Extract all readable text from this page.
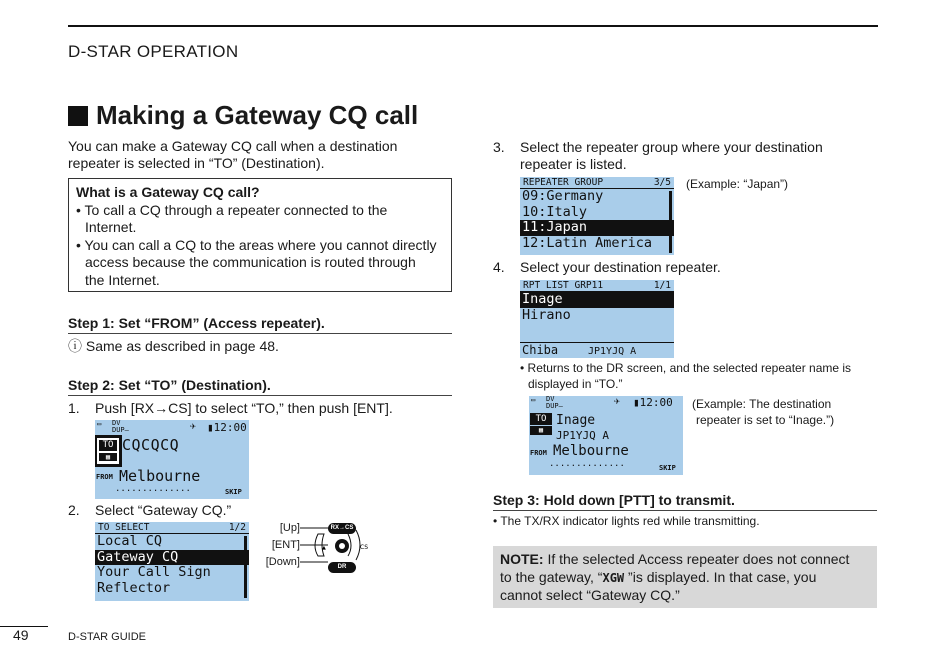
D-STAR OPERATION
Making a Gateway CQ call
You can make a Gateway CQ call when a destination
repeater is selected in “TO” (Destination).
What is a Gateway CQ call?
• To call a CQ through a repeater connected to the
Internet.
• You can call a CQ to the areas where you cannot directly
access because the communication is routed through
the Internet.
Step 1: Set “FROM” (Access repeater).
ⓘ Same as described in page 48.
Step 2: Set “TO” (Destination).
1. Push [RX→CS] to select “TO,” then push [ENT].
▭ DV
DUP–	✈ ▮12:00
TO
▦
CQCQCQ
FROM Melbourne
..............	SKIP
2. Select “Gateway CQ.”
TO SELECT	1/2
Local CQ
Gateway CQ
Your Call Sign
Reflector
[Up]
[ENT]
[Down]
CS
▲
RX→CS
DR
3. Select the repeater group where your destination
repeater is listed.
REPEATER GROUP	3/5
09:Germany
10:Italy
11:Japan
12:Latin America
(Example: “Japan”)
4. Select your destination repeater.
RPT LIST GRP11	1/1
Inage
Hirano
Chiba	JP1YJQ A
• Returns to the DR screen, and the selected repeater name is
displayed in “TO.”
▭ DV
DUP–	✈ ▮12:00
TO
▦
Inage
JP1YJQ A
FROM Melbourne
..............	SKIP
(Example: The destination
repeater is set to “Inage.”)
Step 3: Hold down [PTT] to transmit.
• The TX/RX indicator lights red while transmitting.
NOTE: If the selected Access repeater does not connect
to the gateway, “XGW ”is displayed. In that case, you
cannot select “Gateway CQ.”
49	D-STAR GUIDE
